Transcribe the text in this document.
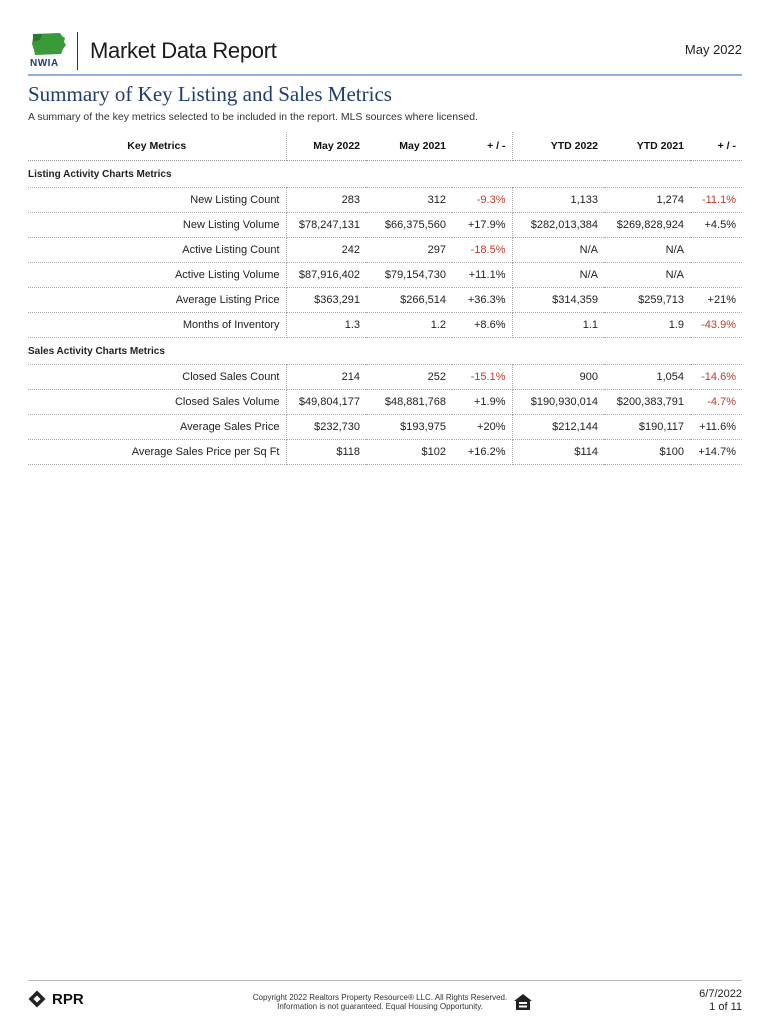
NWIA
Market Data Report	May 2022
Summary of Key Listing and Sales Metrics
A summary of the key metrics selected to be included in the report. MLS sources where licensed.
Key Metrics	May 2022	May 2021	+ / -	YTD 2022	YTD 2021	+ / -
Listing Activity Charts Metrics						
New Listing Count	283	312	-9.3%	1,133	1,274	-11.1%
New Listing Volume	$78,247,131	$66,375,560	+17.9%	$282,013,384	$269,828,924	+4.5%
Active Listing Count	242	297	-18.5%	N/A	N/A	
Active Listing Volume	$87,916,402	$79,154,730	+11.1%	N/A	N/A	
Average Listing Price	$363,291	$266,514	+36.3%	$314,359	$259,713	+21%
Months of Inventory	1.3	1.2	+8.6%	1.1	1.9	-43.9%
Sales Activity Charts Metrics						
Closed Sales Count	214	252	-15.1%	900	1,054	-14.6%
Closed Sales Volume	$49,804,177	$48,881,768	+1.9%	$190,930,014	$200,383,791	-4.7%
Average Sales Price	$232,730	$193,975	+20%	$212,144	$190,117	+11.6%
Average Sales Price per Sq Ft	$118	$102	+16.2%	$114	$100	+14.7%
RPR	Copyright 2022 Realtors Property Resource® LLC. All Rights Reserved.
Information is not guaranteed. Equal Housing Opportunity.
6/7/2022
1 of 11
